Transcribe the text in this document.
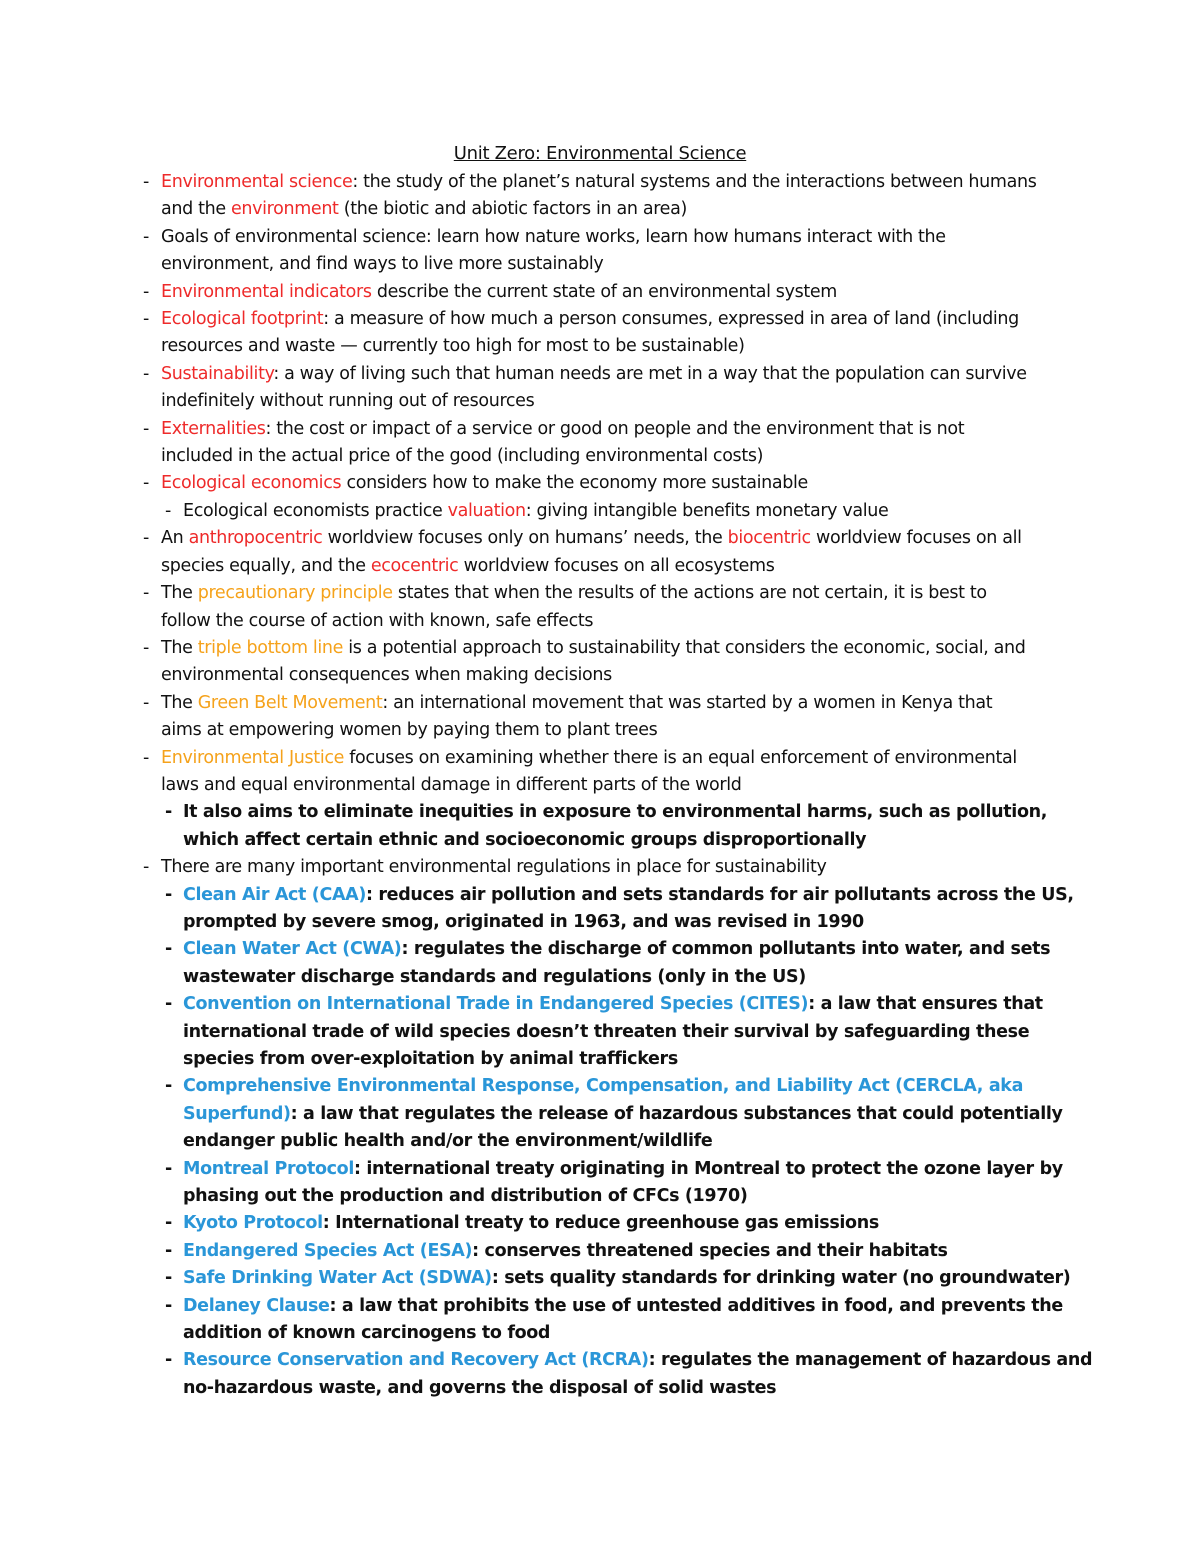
Unit Zero: Environmental Science
- Environmental science: the study of the planet’s natural systems and the interactions between humans
and the environment (the biotic and abiotic factors in an area)
- Goals of environmental science: learn how nature works, learn how humans interact with the
environment, and find ways to live more sustainably
- Environmental indicators describe the current state of an environmental system
- Ecological footprint: a measure of how much a person consumes, expressed in area of land (including
resources and waste — currently too high for most to be sustainable)
- Sustainability: a way of living such that human needs are met in a way that the population can survive
indefinitely without running out of resources
- Externalities: the cost or impact of a service or good on people and the environment that is not
included in the actual price of the good (including environmental costs)
- Ecological economics considers how to make the economy more sustainable
- Ecological economists practice valuation: giving intangible benefits monetary value
- An anthropocentric worldview focuses only on humans’ needs, the biocentric worldview focuses on all
species equally, and the ecocentric worldview focuses on all ecosystems
- The precautionary principle states that when the results of the actions are not certain, it is best to
follow the course of action with known, safe effects
- The triple bottom line is a potential approach to sustainability that considers the economic, social, and
environmental consequences when making decisions
- The Green Belt Movement: an international movement that was started by a women in Kenya that
aims at empowering women by paying them to plant trees
- Environmental Justice focuses on examining whether there is an equal enforcement of environmental
laws and equal environmental damage in different parts of the world
- It also aims to eliminate inequities in exposure to environmental harms, such as pollution,
which affect certain ethnic and socioeconomic groups disproportionally
- There are many important environmental regulations in place for sustainability
- Clean Air Act (CAA): reduces air pollution and sets standards for air pollutants across the US,
prompted by severe smog, originated in 1963, and was revised in 1990
- Clean Water Act (CWA): regulates the discharge of common pollutants into water, and sets
wastewater discharge standards and regulations (only in the US)
- Convention on International Trade in Endangered Species (CITES): a law that ensures that
international trade of wild species doesn’t threaten their survival by safeguarding these
species from over-exploitation by animal traffickers
- Comprehensive Environmental Response, Compensation, and Liability Act (CERCLA, aka
Superfund): a law that regulates the release of hazardous substances that could potentially
endanger public health and/or the environment/wildlife
- Montreal Protocol: international treaty originating in Montreal to protect the ozone layer by
phasing out the production and distribution of CFCs (1970)
- Kyoto Protocol: International treaty to reduce greenhouse gas emissions
- Endangered Species Act (ESA): conserves threatened species and their habitats
- Safe Drinking Water Act (SDWA): sets quality standards for drinking water (no groundwater)
- Delaney Clause: a law that prohibits the use of untested additives in food, and prevents the
addition of known carcinogens to food
- Resource Conservation and Recovery Act (RCRA): regulates the management of hazardous and
no-hazardous waste, and governs the disposal of solid wastes
